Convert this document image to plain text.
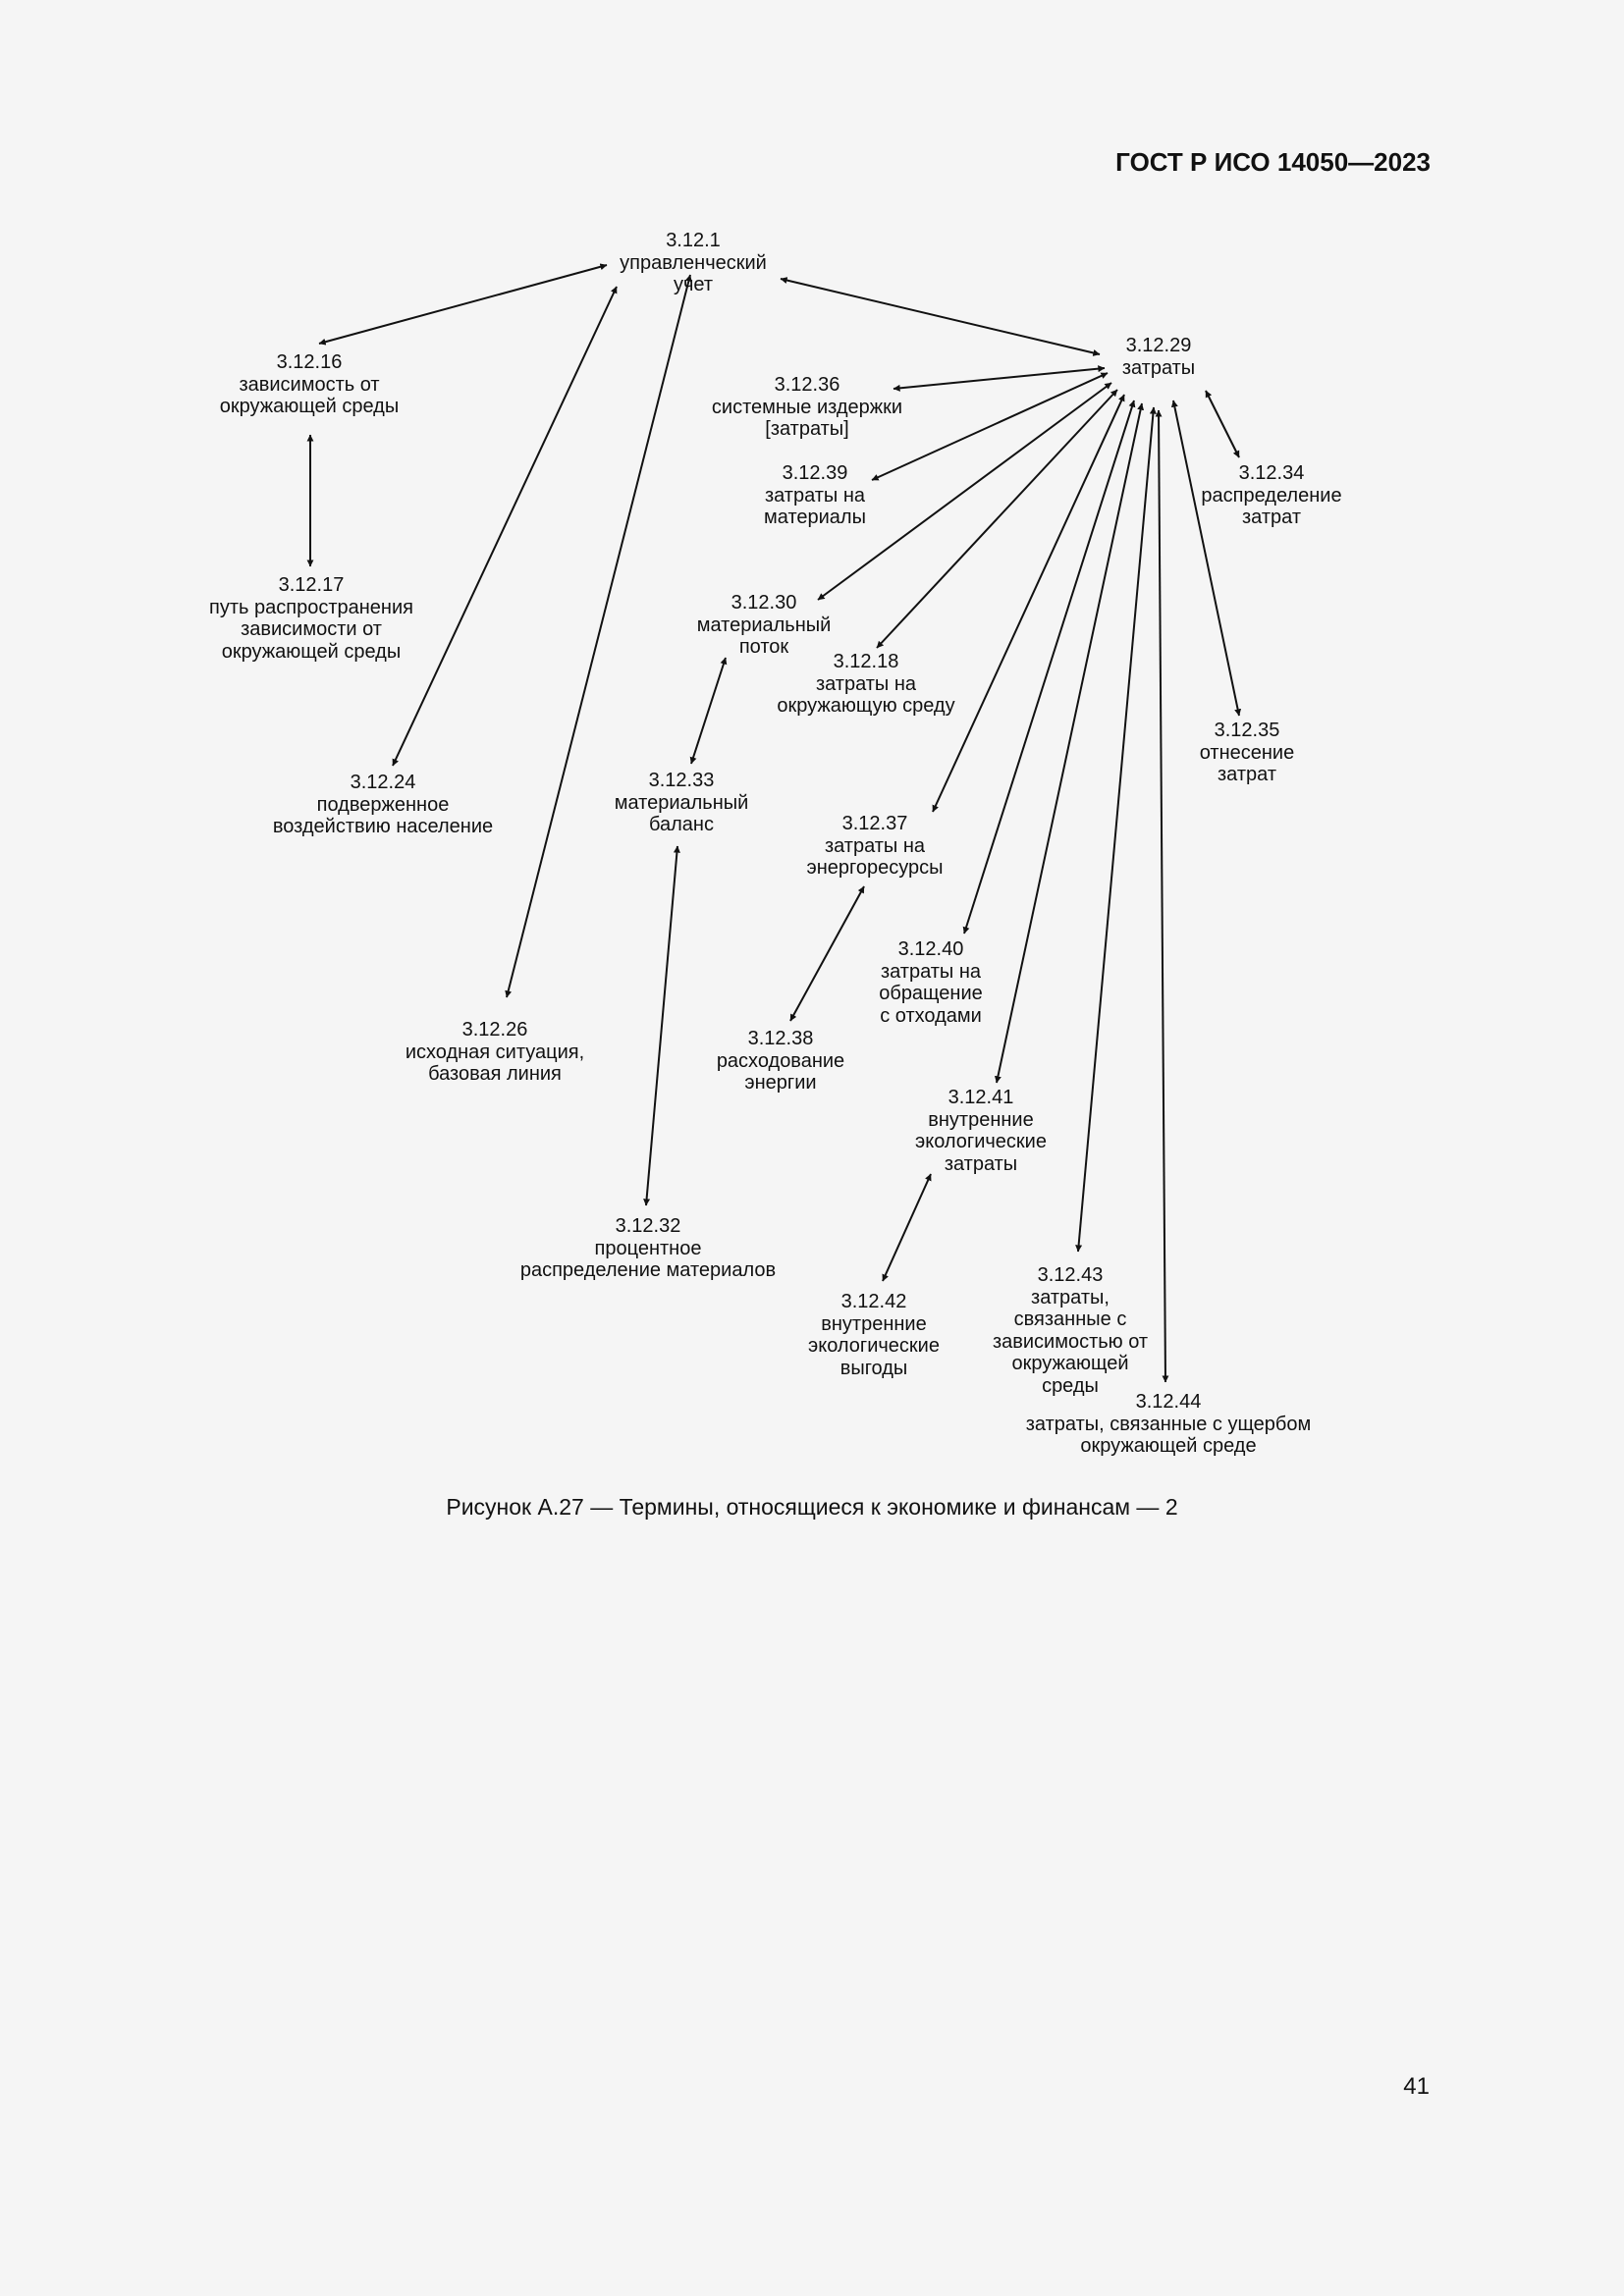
ГОСТ Р ИСО 14050—2023
3.12.1
управленческий
учет
3.12.29
затраты
3.12.16
зависимость от
окружающей среды
3.12.17
путь распространения
зависимости от
окружающей среды
3.12.24
подверженное
воздействию население
3.12.26
исходная ситуация,
базовая линия
3.12.36
системные издержки
[затраты]
3.12.39
затраты на
материалы
3.12.34
распределение
затрат
3.12.30
материальный
поток
3.12.18
затраты на
окружающую среду
3.12.35
отнесение
затрат
3.12.33
материальный
баланс	3.12.37
затраты на
энергоресурсы
3.12.40
затраты на
обращение
с отходами
3.12.38
расходование
энергии
3.12.41
внутренние
экологические
затраты
3.12.32
процентное
распределение материалов
3.12.42
внутренние
экологические
выгоды
3.12.43
затраты,
связанные с
зависимостью от
окружающей
среды
3.12.44
затраты, связанные с ущербом
окружающей среде
Рисунок А.27 — Термины, относящиеся к экономике и финансам — 2
41
